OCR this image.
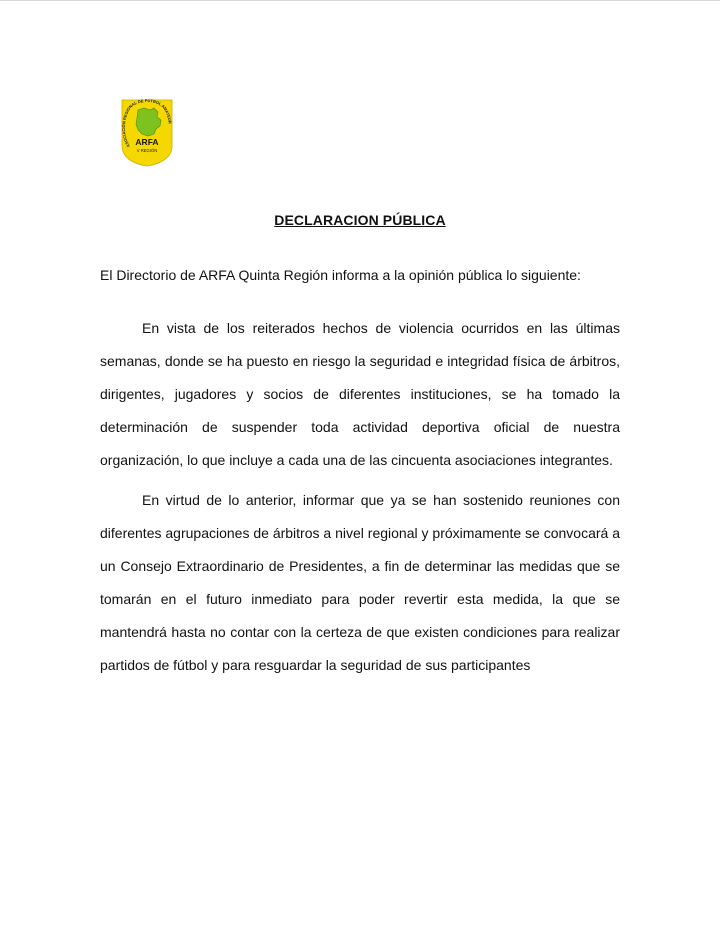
ASOCIACIÓN REGIONAL DE FÚTBOL AMATEUR
ARFA
V REGIÓN
DECLARACION PÚBLICA

El Directorio de ARFA Quinta Región informa a la opinión pública lo siguiente:

En vista de los reiterados hechos de violencia ocurridos en las últimas semanas, donde se ha puesto en riesgo la seguridad e integridad física de árbitros, dirigentes, jugadores y socios de diferentes instituciones, se ha tomado la determinación de suspender toda actividad deportiva oficial de nuestra organización, lo que incluye a cada una de las cincuenta asociaciones integrantes.

En virtud de lo anterior, informar que ya se han sostenido reuniones con diferentes agrupaciones de árbitros a nivel regional y próximamente se convocará a un Consejo Extraordinario de Presidentes, a fin de determinar las medidas que se tomarán en el futuro inmediato para poder revertir esta medida, la que se mantendrá hasta no contar con la certeza de que existen condiciones para realizar partidos de fútbol y para resguardar la seguridad de sus participantes
